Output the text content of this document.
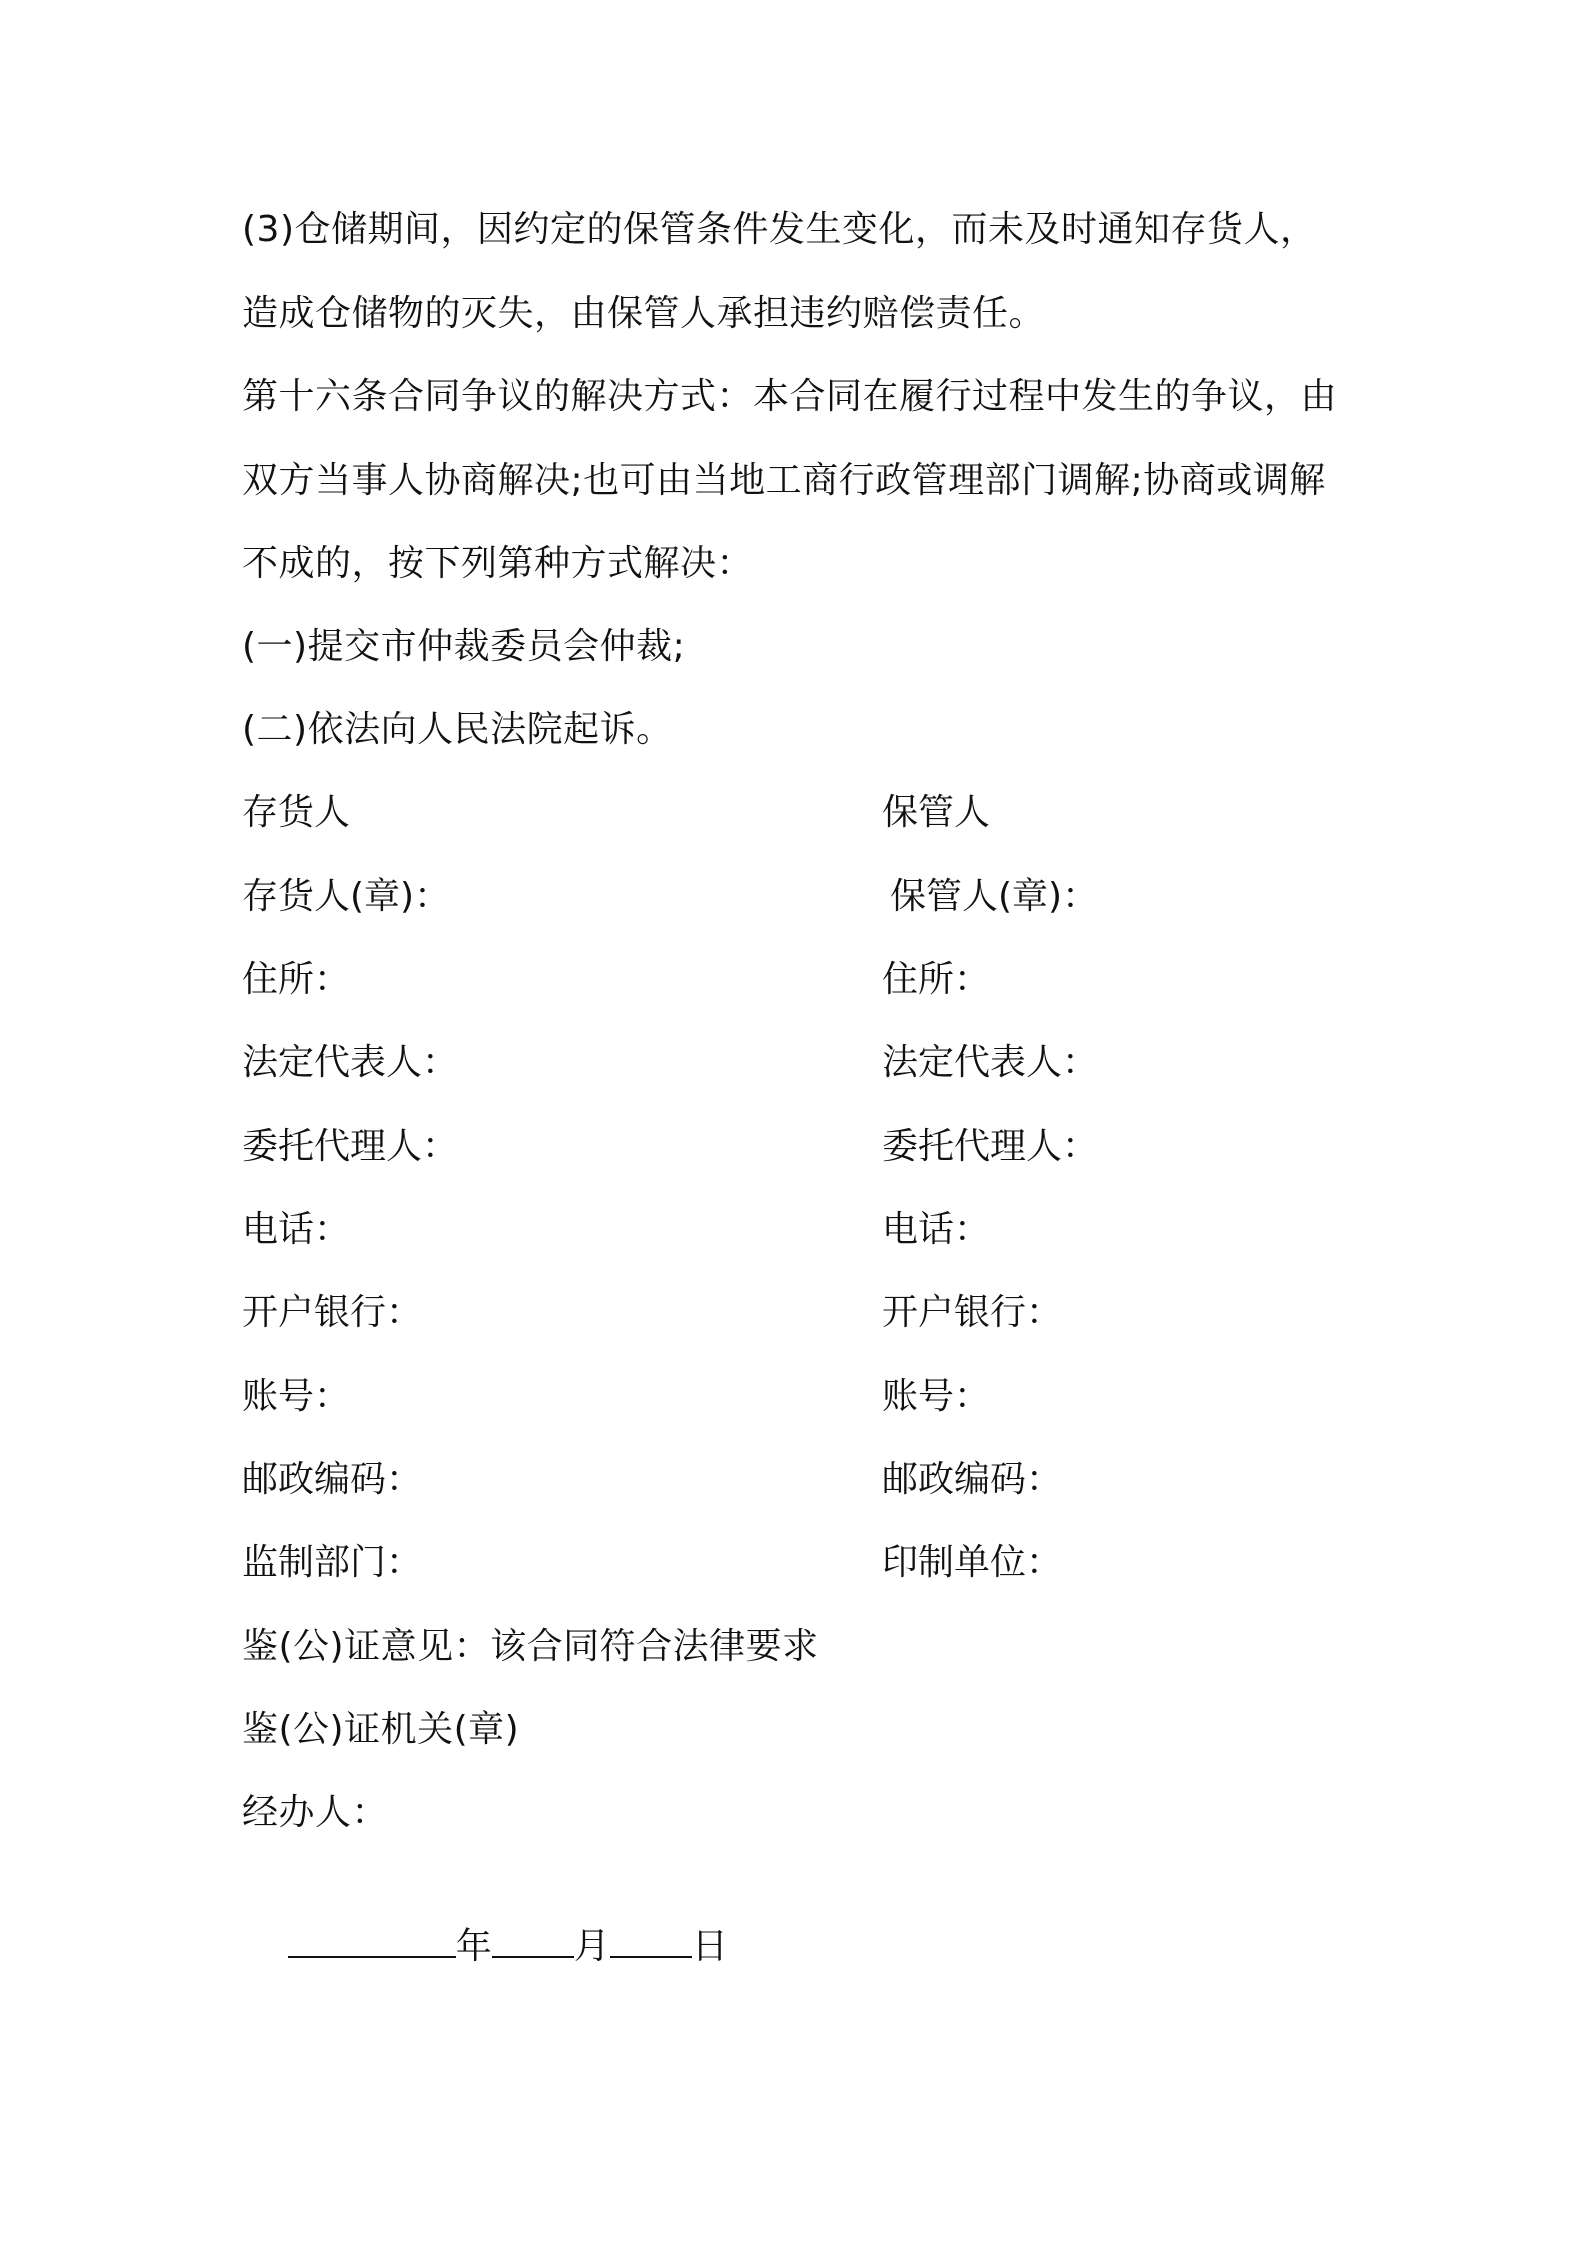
(3)仓储期间，因约定的保管条件发生变化，而未及时通知存货人，
造成仓储物的灭失，由保管人承担违约赔偿责任。
第十六条合同争议的解决方式：本合同在履行过程中发生的争议，由
双方当事人协商解决;也可由当地工商行政管理部门调解;协商或调解
不成的，按下列第种方式解决：
(一)提交市仲裁委员会仲裁;
(二)依法向人民法院起诉。
存货人	保管人
存货人(章)：	保管人(章)：
住所：	住所：
法定代表人：	法定代表人：
委托代理人：	委托代理人：
电话：	电话：
开户银行：	开户银行：
账号：	账号：
邮政编码：	邮政编码：
监制部门：	印制单位：
鉴(公)证意见：该合同符合法律要求
鉴(公)证机关(章)
经办人：

年 月 日
